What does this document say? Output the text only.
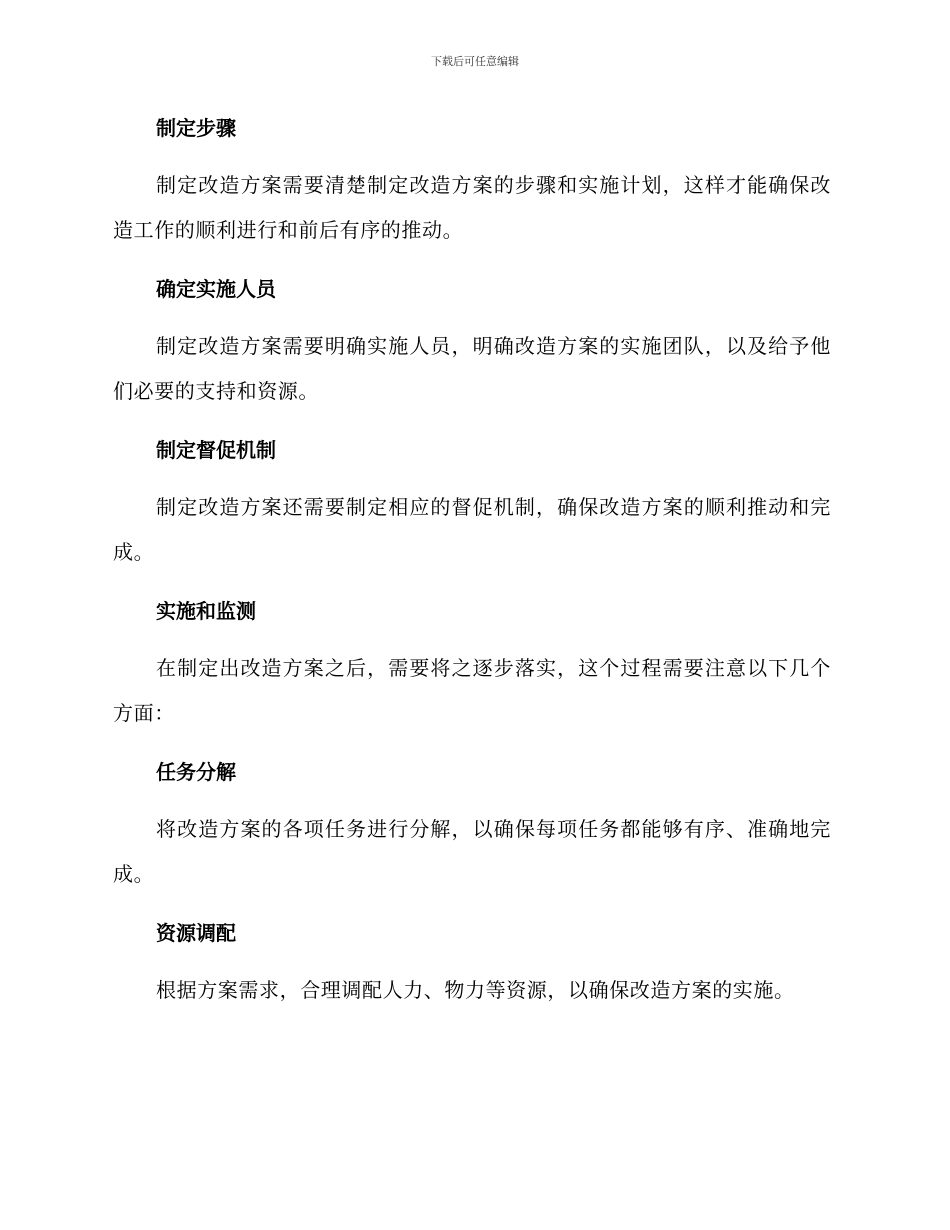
下载后可任意编辑
制定步骤

制定改造方案需要清楚制定改造方案的步骤和实施计划，这样才能确保改造工作的顺利进行和前后有序的推动。

确定实施人员

制定改造方案需要明确实施人员，明确改造方案的实施团队，以及给予他们必要的支持和资源。

制定督促机制

制定改造方案还需要制定相应的督促机制，确保改造方案的顺利推动和完成。

实施和监测

在制定出改造方案之后，需要将之逐步落实，这个过程需要注意以下几个方面：

任务分解

将改造方案的各项任务进行分解，以确保每项任务都能够有序、准确地完成。

资源调配

根据方案需求，合理调配人力、物力等资源，以确保改造方案的实施。
